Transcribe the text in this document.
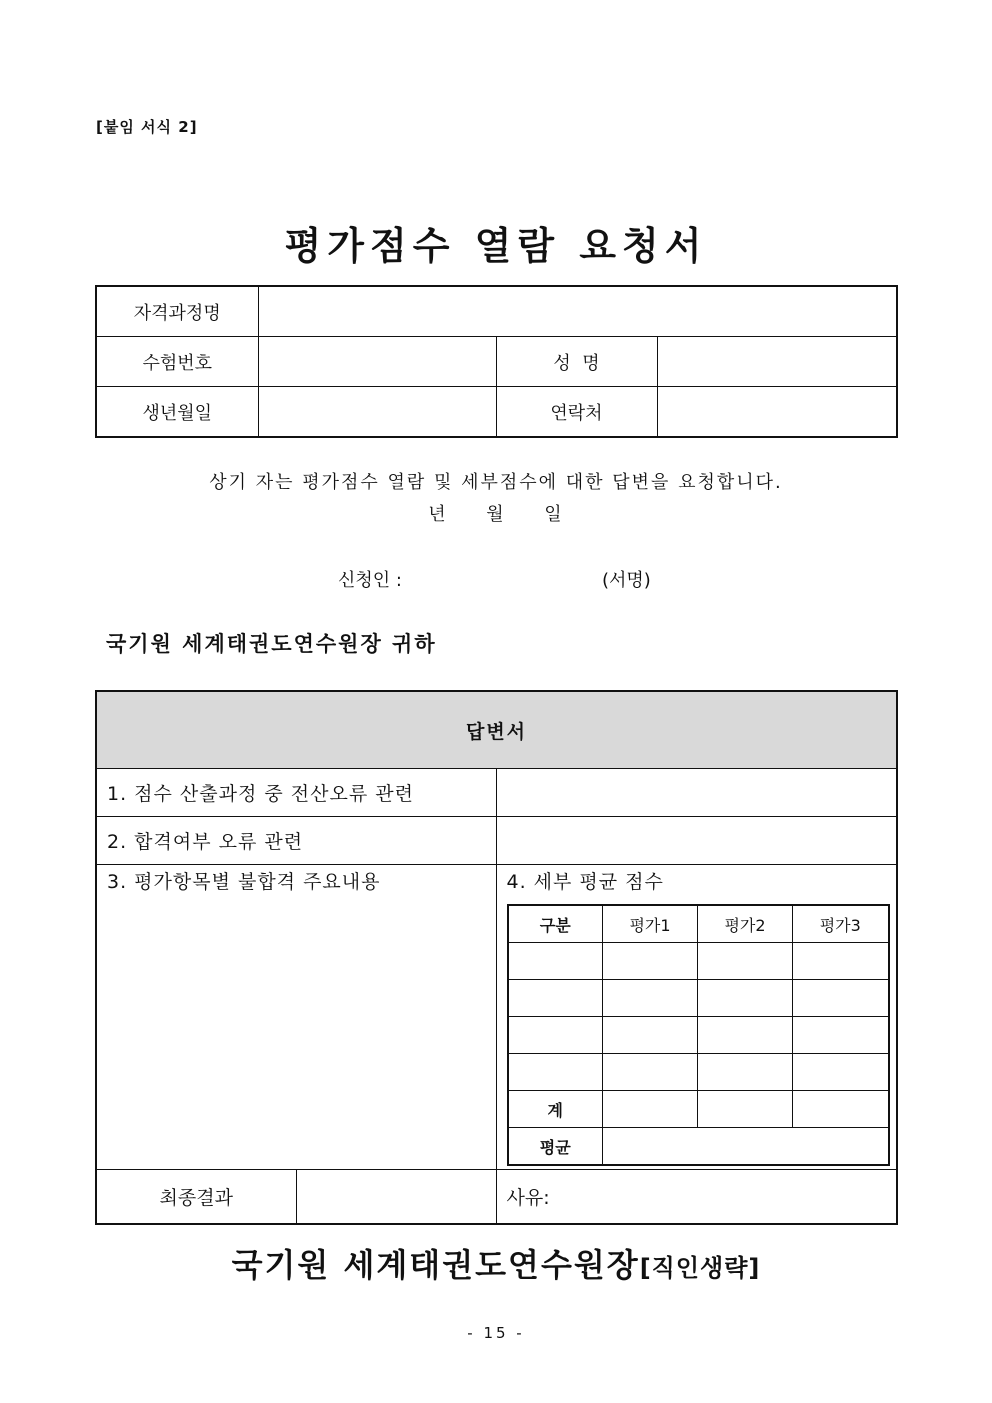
[붙임 서식 2]
평가점수 열람 요청서
자격과정명			
수험번호		성  명	
생년월일		연락처	
상기 자는 평가점수 열람 및 세부점수에 대한 답변을 요청합니다.
년     월     일
신청인 :	(서명)
국기원 세계태권도연수원장 귀하
답변서
1. 점수 산출과정 중 전산오류 관련	
2. 합격여부 오류 관련	

3. 평가항목별 불합격 주요내용	4. 세부 평균 점수
구분	평가1	평가2	평가3

계			
평균	

최종결과		사유:
국기원 세계태권도연수원장[직인생략]
- 15 -
